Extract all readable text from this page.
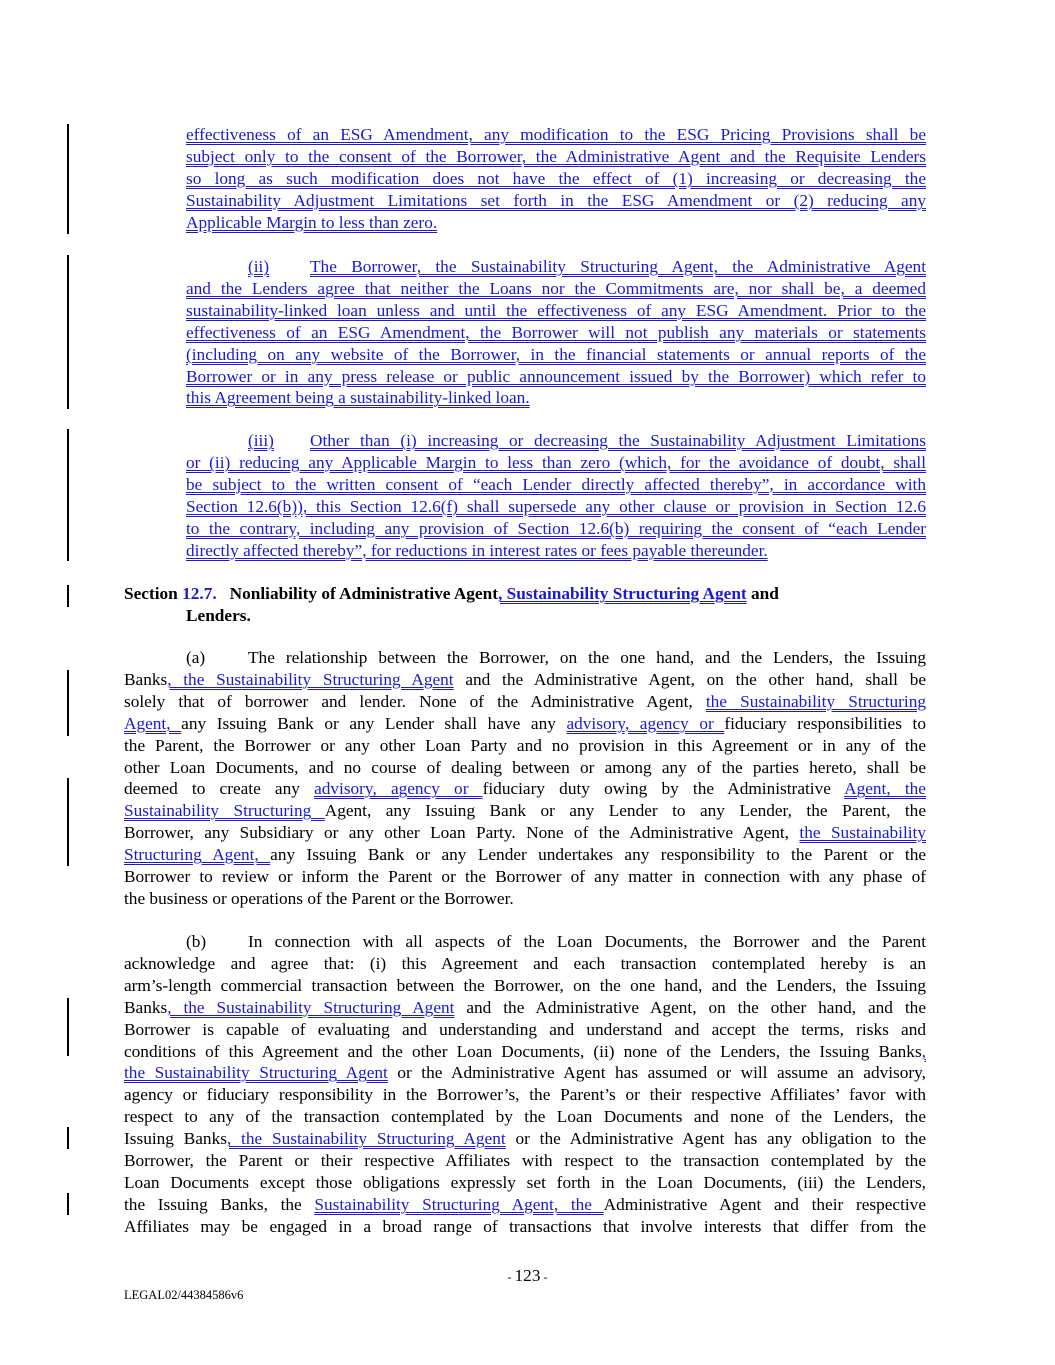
effectiveness of an ESG Amendment, any modification to the ESG Pricing Provisions shall be
subject only to the consent of the Borrower, the Administrative Agent and the Requisite Lenders
so long as such modification does not have the effect of (1) increasing or decreasing the
Sustainability Adjustment Limitations set forth in the ESG Amendment or (2) reducing any
Applicable Margin to less than zero.
(ii) The Borrower, the Sustainability Structuring Agent, the Administrative Agent
and the Lenders agree that neither the Loans nor the Commitments are, nor shall be, a deemed
sustainability-linked loan unless and until the effectiveness of any ESG Amendment. Prior to the
effectiveness of an ESG Amendment, the Borrower will not publish any materials or statements
(including on any website of the Borrower, in the financial statements or annual reports of the
Borrower or in any press release or public announcement issued by the Borrower) which refer to
this Agreement being a sustainability-linked loan.
(iii) Other than (i) increasing or decreasing the Sustainability Adjustment Limitations
or (ii) reducing any Applicable Margin to less than zero (which, for the avoidance of doubt, shall
be subject to the written consent of “each Lender directly affected thereby”, in accordance with
Section 12.6(b)), this Section 12.6(f) shall supersede any other clause or provision in Section 12.6
to the contrary, including any provision of Section 12.6(b) requiring the consent of “each Lender
directly affected thereby”, for reductions in interest rates or fees payable thereunder.
(a) The relationship between the Borrower, on the one hand, and the Lenders, the Issuing
Banks, the Sustainability Structuring Agent and the Administrative Agent, on the other hand, shall be
solely that of borrower and lender. None of the Administrative Agent, the Sustainability Structuring
Agent, any Issuing Bank or any Lender shall have any advisory, agency or fiduciary responsibilities to
the Parent, the Borrower or any other Loan Party and no provision in this Agreement or in any of the
other Loan Documents, and no course of dealing between or among any of the parties hereto, shall be
deemed to create any advisory, agency or fiduciary duty owing by the Administrative Agent, the
Sustainability Structuring Agent, any Issuing Bank or any Lender to any Lender, the Parent, the
Borrower, any Subsidiary or any other Loan Party. None of the Administrative Agent, the Sustainability
Structuring Agent, any Issuing Bank or any Lender undertakes any responsibility to the Parent or the
Borrower to review or inform the Parent or the Borrower of any matter in connection with any phase of
the business or operations of the Parent or the Borrower.
(b) In connection with all aspects of the Loan Documents, the Borrower and the Parent
acknowledge and agree that: (i) this Agreement and each transaction contemplated hereby is an
arm’s-length commercial transaction between the Borrower, on the one hand, and the Lenders, the Issuing
Banks, the Sustainability Structuring Agent and the Administrative Agent, on the other hand, and the
Borrower is capable of evaluating and understanding and understand and accept the terms, risks and
conditions of this Agreement and the other Loan Documents, (ii) none of the Lenders, the Issuing Banks,
the Sustainability Structuring Agent or the Administrative Agent has assumed or will assume an advisory,
agency or fiduciary responsibility in the Borrower’s, the Parent’s or their respective Affiliates’ favor with
respect to any of the transaction contemplated by the Loan Documents and none of the Lenders, the
Issuing Banks, the Sustainability Structuring Agent or the Administrative Agent has any obligation to the
Borrower, the Parent or their respective Affiliates with respect to the transaction contemplated by the
Loan Documents except those obligations expressly set forth in the Loan Documents, (iii) the Lenders,
the Issuing Banks, the Sustainability Structuring Agent, the Administrative Agent and their respective
Affiliates may be engaged in a broad range of transactions that involve interests that differ from the
Section 12.7. Nonliability of Administrative Agent, Sustainability Structuring Agent and
Lenders.
- 123 -
LEGAL02/44384586v6
